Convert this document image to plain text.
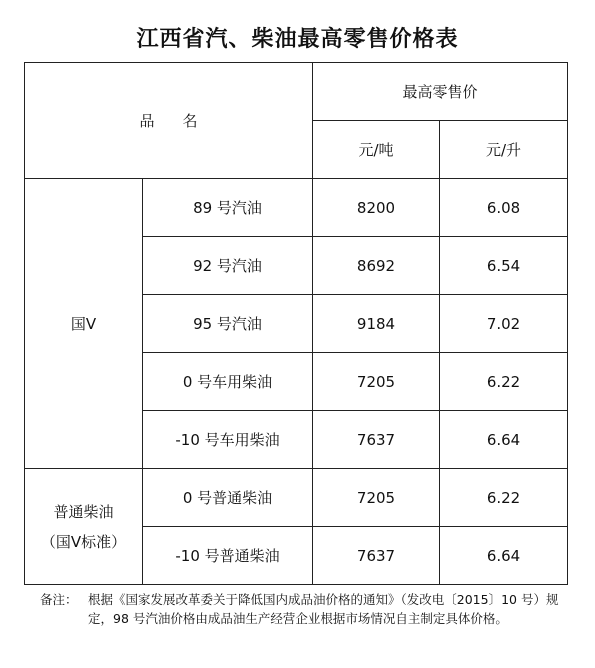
江西省汽、柴油最高零售价格表
品名		最高零售价	
		元/吨	元/升
国Ⅴ	89 号汽油	8200	6.08
	92 号汽油	8692	6.54
	95 号汽油	9184	7.02
	0 号车用柴油	7205	6.22
	-10 号车用柴油	7637	6.64

普通柴油
（国Ⅴ标准）	0 号普通柴油	7205	6.22
	-10 号普通柴油	7637	6.64
备注： 根据《国家发展改革委关于降低国内成品油价格的通知》（发改电〔2015〕10 号）规定，98 号汽油价格由成品油生产经营企业根据市场情况自主制定具体价格。
